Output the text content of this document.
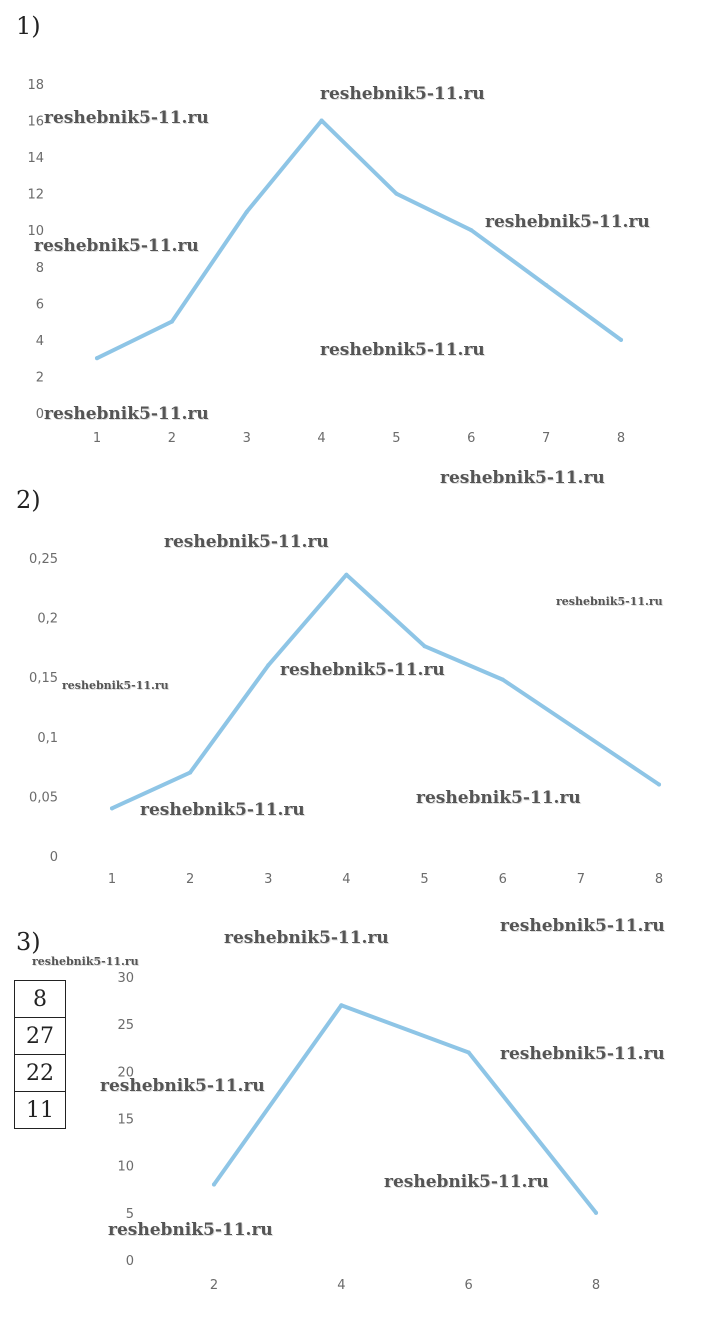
1)
2)
3)
0
2
4
6
8
10
12
14
16
18
1	2	3	4	5	6	7	8
0
0,05
0,1
0,15
0,2
0,25
1	2	3	4	5	6	7	8
0
5
10
15
20
25
30
2	4	6	8
8
27
22
11
reshebnik5-11.ru
reshebnik5-11.ru
reshebnik5-11.ru
reshebnik5-11.ru
reshebnik5-11.ru
reshebnik5-11.ru
reshebnik5-11.ru
reshebnik5-11.ru
reshebnik5-11.ru
reshebnik5-11.ru
reshebnik5-11.ru
reshebnik5-11.ru
reshebnik5-11.ru
reshebnik5-11.ru
reshebnik5-11.ru
reshebnik5-11.ru
reshebnik5-11.ru
reshebnik5-11.ru
reshebnik5-11.ru
reshebnik5-11.ru
